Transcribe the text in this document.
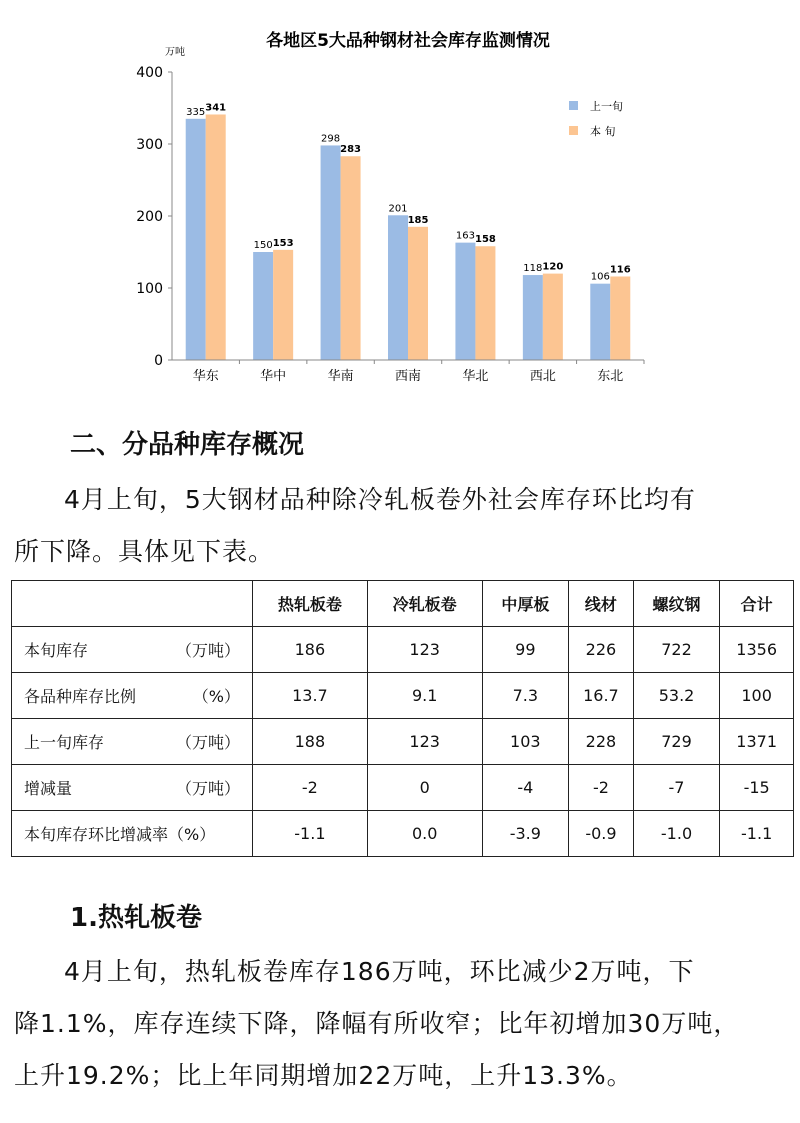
各地区5大品种钢材社会库存监测情况
万吨
0
100
200
300
400
335 341
华东
150 153
华中
298
283
华南
201
185
西南
163 158
华北
118 120
西北
106
116
东北
上一旬
本 旬
二、分品种库存概况

4月上旬，5大钢材品种除冷轧板卷外社会库存环比均有
所下降。具体见下表。

	热轧板卷	冷轧板卷	中厚板	线材	螺纹钢	合计

本旬库存 （万吨）	186	123	99	226	722	1356

各品种库存比例 （%）	13.7	9.1	7.3	16.7	53.2	100

上一旬库存 （万吨）	188	123	103	228	729	1371

增减量 （万吨）	-2	0	-4	-2	-7	-15

本旬库存环比增减率（%）	-1.1	0.0	-3.9	-0.9	-1.0	-1.1
1.热轧板卷

4月上旬，热轧板卷库存186万吨，环比减少2万吨，下
降1.1%，库存连续下降，降幅有所收窄；比年初增加30万吨，
上升19.2%；比上年同期增加22万吨，上升13.3%。
